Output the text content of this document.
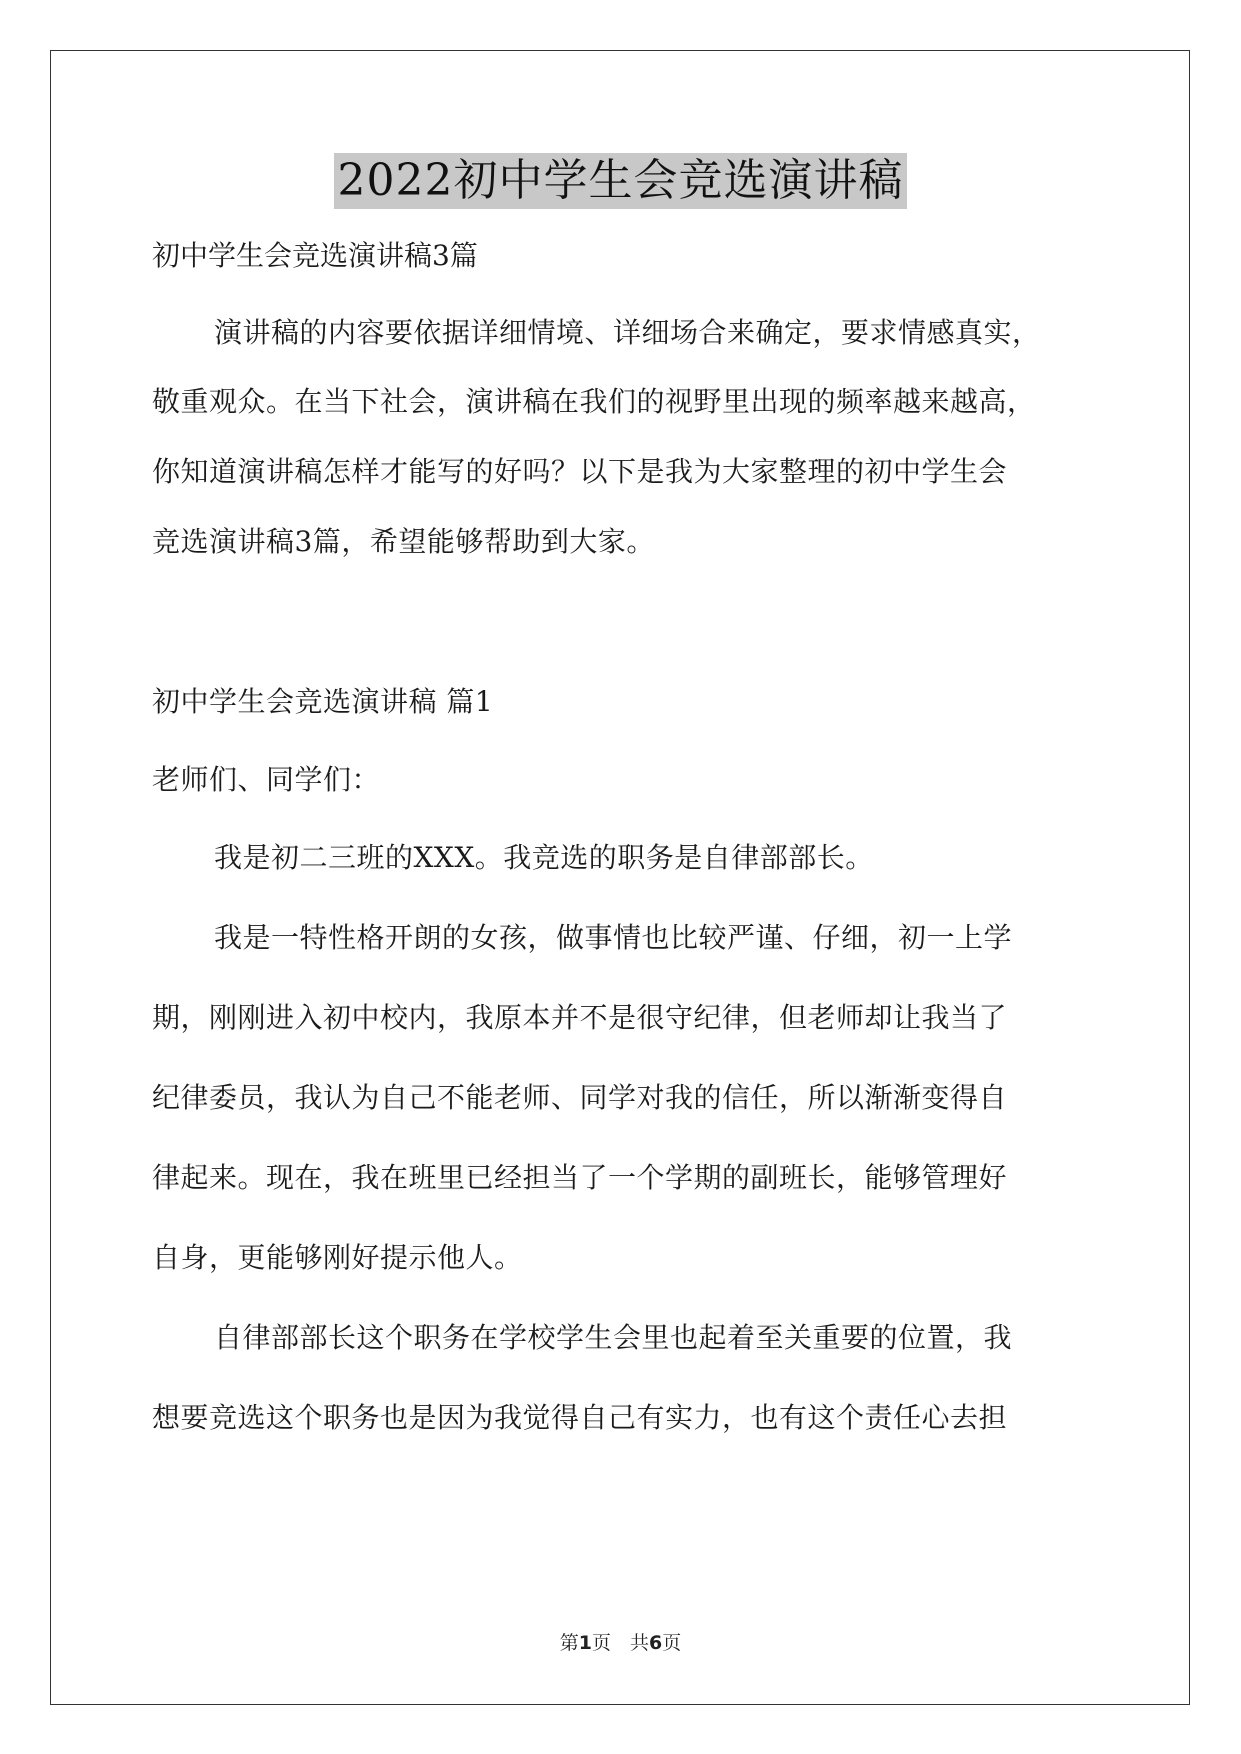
2022初中学生会竞选演讲稿
初中学生会竞选演讲稿3篇
演讲稿的内容要依据详细情境、详细场合来确定，要求情感真实，
敬重观众。在当下社会，演讲稿在我们的视野里出现的频率越来越高，
你知道演讲稿怎样才能写的好吗？以下是我为大家整理的初中学生会
竞选演讲稿3篇，希望能够帮助到大家。
初中学生会竞选演讲稿 篇1
老师们、同学们：
我是初二三班的XXX。我竞选的职务是自律部部长。
我是一特性格开朗的女孩，做事情也比较严谨、仔细，初一上学
期，刚刚进入初中校内，我原本并不是很守纪律，但老师却让我当了
纪律委员，我认为自己不能老师、同学对我的信任，所以渐渐变得自
律起来。现在，我在班里已经担当了一个学期的副班长，能够管理好
自身，更能够刚好提示他人。
自律部部长这个职务在学校学生会里也起着至关重要的位置，我
想要竞选这个职务也是因为我觉得自己有实力，也有这个责任心去担
第1页　共6页
